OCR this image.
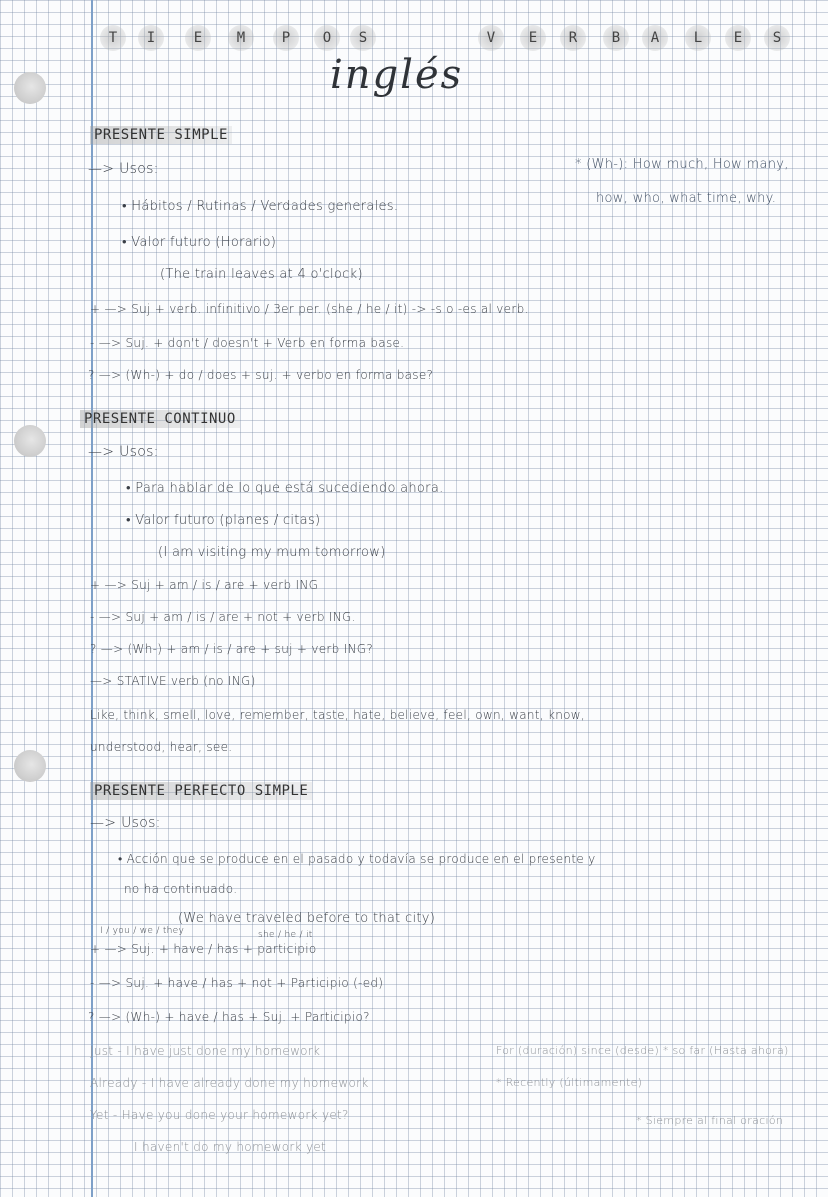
T	I	E	M	P	O	S	V	E	R	B	A	L	E	S
inglés
PRESENTE SIMPLE
—> Usos:
• Hábitos / Rutinas / Verdades generales.
• Valor futuro (Horario)
(The train leaves at 4 o'clock)
+ —> Suj + verb. infinitivo / 3er per. (she / he / it) -> -s o -es al verb.
- —> Suj. + don't / doesn't + Verb en forma base.
? —> (Wh-) + do / does + suj. + verbo en forma base?
* (Wh-): How much, How many,
how, who, what time, why.
PRESENTE CONTINUO
—> Usos:
• Para hablar de lo que está sucediendo ahora.
• Valor futuro (planes / citas)
(I am visiting my mum tomorrow)
+ —> Suj + am / is / are + verb ING
- —> Suj + am / is / are + not + verb ING.
? —> (Wh-) + am / is / are + suj + verb ING?
—> STATIVE verb (no ING)
Like, think, smell, love, remember, taste, hate, believe, feel, own, want, know,
understood, hear, see.
PRESENTE PERFECTO SIMPLE
—> Usos:
• Acción que se produce en el pasado y todavía se produce en el presente y
no ha continuado.
(We have traveled before to that city)
I / you / we / they	she / he / it
+ —> Suj. + have / has + participio
- —> Suj. + have / has + not + Participio (-ed)
? —> (Wh-) + have / has + Suj. + Participio?
Just - I have just done my homework
Already - I have already done my homework
Yet - Have you done your homework yet?
I haven't do my homework yet
For (duración) since (desde) * so far (Hasta ahora)
* Recently (últimamente)
* Siempre al final oración
